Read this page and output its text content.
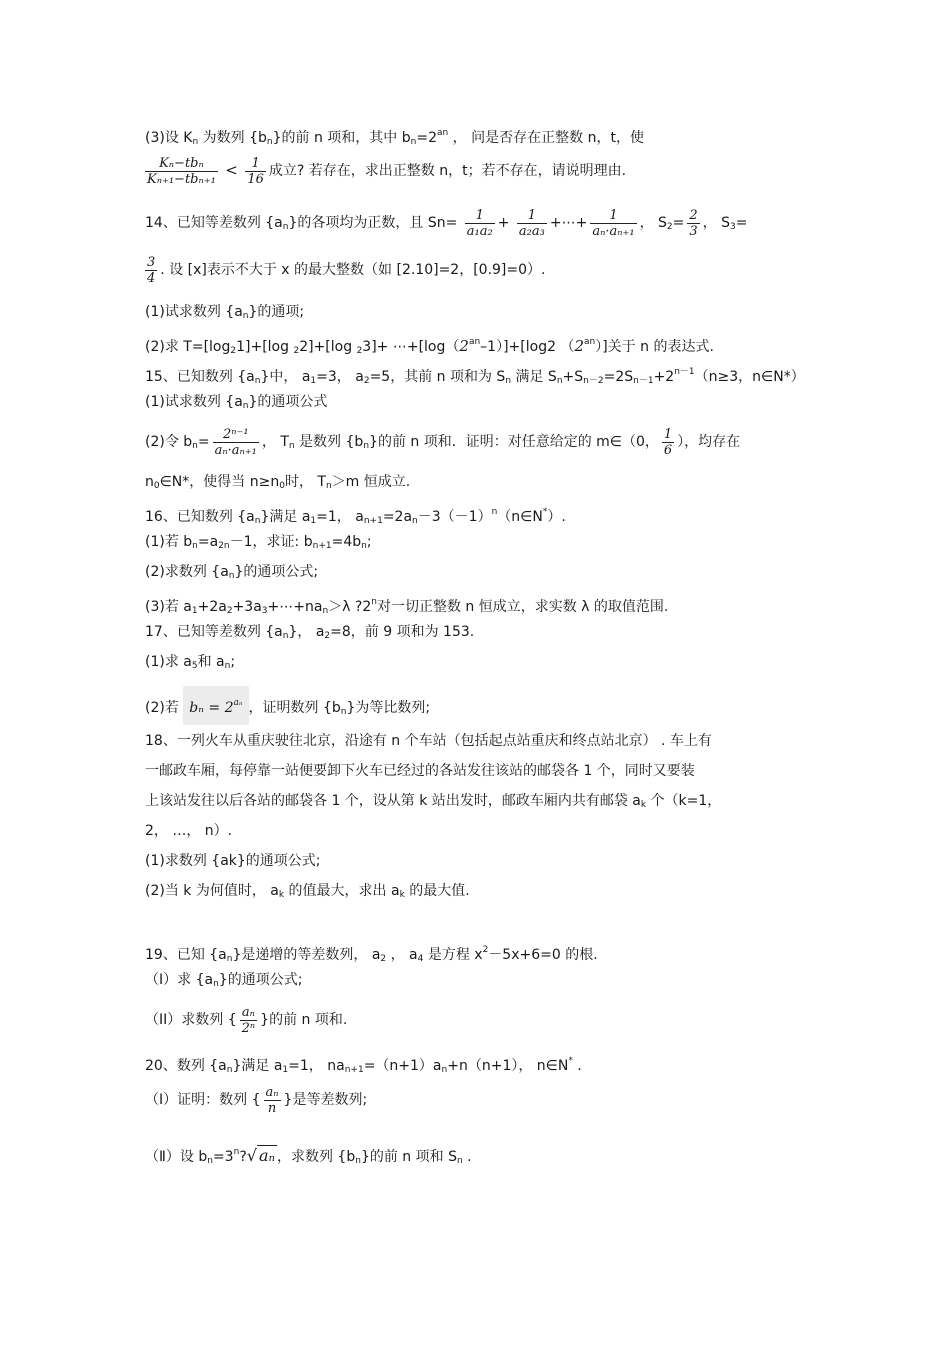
(3)设 $K_n$ 为数列 $\{b_n\}$的前 n 项和，其中 $b_n=2^{an}$ ， 问是否存在正整数 n，t，使
$\frac{\text{Kₙ−tbₙ}}{\text{Kₙ₊₁−tbₙ₊₁}} < \frac{1}{16}$ 成立? 若存在，求出正整数 n，t；若不存在，请说明理由.
14、已知等差数列 $\{a_n\}$的各项均为正数，且 $Sn= \frac{1}{\text{a₁a₂}} + \frac{1}{\text{a₂a₃}}$ +⋯+ $\frac{1}{\text{aₙ·aₙ₊₁}}$ ， $S_2= \frac{2}{3}$ ， $S_3=$
$\frac{3}{4}$ . 设 [x]表示不大于 x 的最大整数（如 [2.10]=2，[0.9]=0）.
(1)试求数列 $\{a_n\}$的通项;
(2)求 $T=[\log_21]+[\log$ $_2$2]+[log $_23]+ \cdots+[\log(2^{an}-1)]+[\log 2$ $(2^{an})$]关于 n 的表达式.
15、已知数列 $\{a_n\}$中， $a_1=3$， $a_2=5$，其前 n 项和为 $S_n$ 满足 $S_n+S_{n-2}=2S_{n-1}+2^{n-1}(n\ge 3$，n∈N*）
(1)试求数列 $\{a_n\}$的通项公式
(2)令 $b_n= \frac{\text{2ⁿ⁻¹}}{\text{aₙ·aₙ₊₁}}$ ， $T_n$ 是数列 $\{b_n\}$的前 n 项和．证明：对任意给定的 m∈（0， $\frac{1}{6}$ ），均存在
$n_0\in N*$，使得当 $n\ge n_0$时， $T_n>m$ 恒成立.
16、已知数列 $\{a_n\}$满足 $a_1=1$， $a_{n+1}=2a_n-3(-1)^n(n\in N^*)$.
(1)若 $b_n=a_{2n}-1$，求证: $b_{n+1}=4b_n$;
(2)求数列 $\{a_n\}$的通项公式;
(3)若 $a_1+2a_2+3a_3+\cdots+na_n>\lambda$ ?2$^n$对一切正整数 n 恒成立，求实数 λ 的取值范围.
17、已知等差数列 $\{a_n\}$， $a_2=8$，前 9 项和为 153.
(1)求 $a_5$和 $a_n$;
(2)若 $b_n = 2^{a_n}$ ，证明数列 $\{b_n\}$为等比数列;
18、一列火车从重庆驶往北京，沿途有 n 个车站（包括起点站重庆和终点站北京） . 车上有
一邮政车厢，每停靠一站便要卸下火车已经过的各站发往该站的邮袋各 1 个，同时又要装
上该站发往以后各站的邮袋各 1 个，设从第 k 站出发时，邮政车厢内共有邮袋 $a_k$ 个（k=1，
2， …， n）.
(1)求数列 {ak}的通项公式;
(2)当 k 为何值时， $a_k$ 的值最大，求出 $a_k$ 的最大值.
19、已知 $\{a_n\}$是递增的等差数列， $a_2$ ， $a_4$ 是方程 $x^2-5x+6=0$ 的根.
（I）求 $\{a_n\}$的通项公式;
（II）求数列 { $\frac{\text{aₙ}}{\text{2ⁿ}}$ }的前 n 项和.
20、数列 $\{a_n\}$满足 $a_1=1$， $na_{n+1}=(n+1)a_n+n(n+1)$， n∈N* .
（Ⅰ）证明：数列 { $\frac{\text{aₙ}}{n}$ }是等差数列;
（Ⅱ）设 $b_n=3^n?√$ aₙ ，求数列 $\{b_n\}$的前 n 项和 $S_n$ .
